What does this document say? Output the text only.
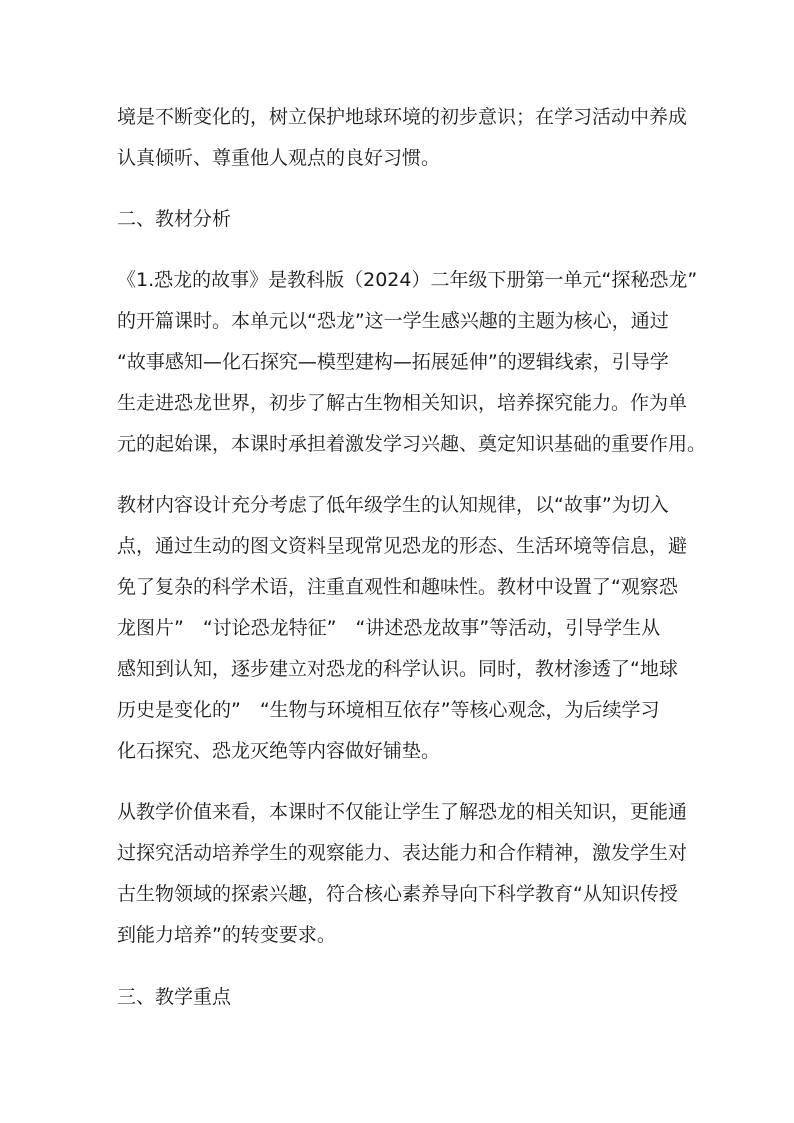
境是不断变化的，树立保护地球环境的初步意识；在学习活动中养成
认真倾听、尊重他人观点的良好习惯。
二、教材分析
《1.恐龙的故事》是教科版（2024）二年级下册第一单元“探秘恐龙”
的开篇课时。本单元以“恐龙”这一学生感兴趣的主题为核心，通过
“故事感知—化石探究—模型建构—拓展延伸”的逻辑线索，引导学
生走进恐龙世界，初步了解古生物相关知识，培养探究能力。作为单
元的起始课，本课时承担着激发学习兴趣、奠定知识基础的重要作用。
教材内容设计充分考虑了低年级学生的认知规律，以“故事”为切入
点，通过生动的图文资料呈现常见恐龙的形态、生活环境等信息，避
免了复杂的科学术语，注重直观性和趣味性。教材中设置了“观察恐
龙图片”　“讨论恐龙特征”　“讲述恐龙故事”等活动，引导学生从
感知到认知，逐步建立对恐龙的科学认识。同时，教材渗透了“地球
历史是变化的”　“生物与环境相互依存”等核心观念，为后续学习
化石探究、恐龙灭绝等内容做好铺垫。
从教学价值来看，本课时不仅能让学生了解恐龙的相关知识，更能通
过探究活动培养学生的观察能力、表达能力和合作精神，激发学生对
古生物领域的探索兴趣，符合核心素养导向下科学教育“从知识传授
到能力培养”的转变要求。
三、教学重点
